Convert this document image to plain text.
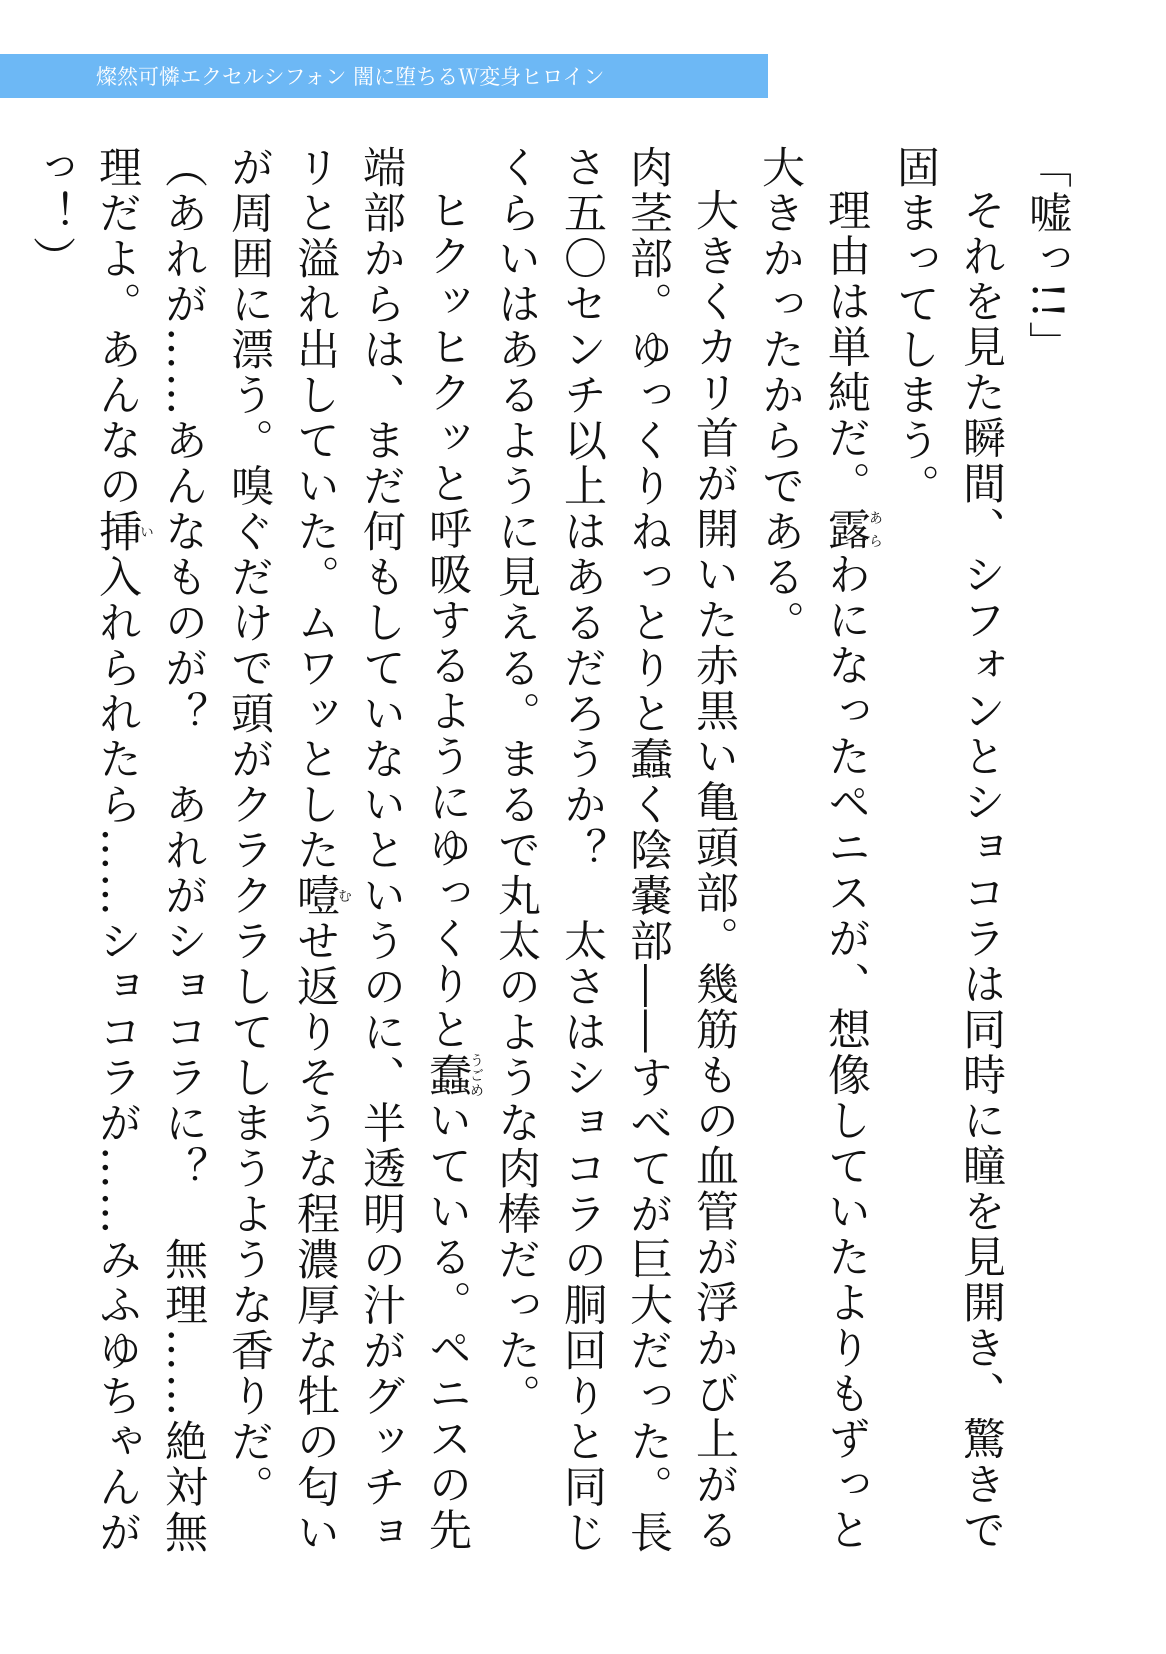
燦然可憐エクセルシフォン 闇に堕ちるＷ変身ヒロイン

「嘘っ!!」

それを見た瞬間、シフォンとショコラは同時に瞳を見開き、驚きで固まってしまう。

理由は単純だ。露あらわになったペニスが、想像していたよりもずっと大きかったからである。

大きくカリ首が開いた赤黒い亀頭部。幾筋もの血管が浮かび上がる肉茎部。ゆっくりねっとりと蠢く陰嚢部――すべてが巨大だった。長さ五〇センチ以上はあるだろうか？　太さはショコラの胴回りと同じくらいはあるように見える。まるで丸太のような肉棒だった。

ヒクッヒクッと呼吸するようにゆっくりと蠢うごめいている。ペニスの先端部からは、まだ何もしていないというのに、半透明の汁がグッチョリと溢れ出していた。ムワッとした噎むせ返りそうな程濃厚な牡の匂いが周囲に漂う。嗅ぐだけで頭がクラクラしてしまうような香りだ。

（あれが……あんなものが？　あれがショコラに？　無理……絶対無理だよ。あんなの挿い入れられたら……ショコラが……みふゆちゃんがっ！）
